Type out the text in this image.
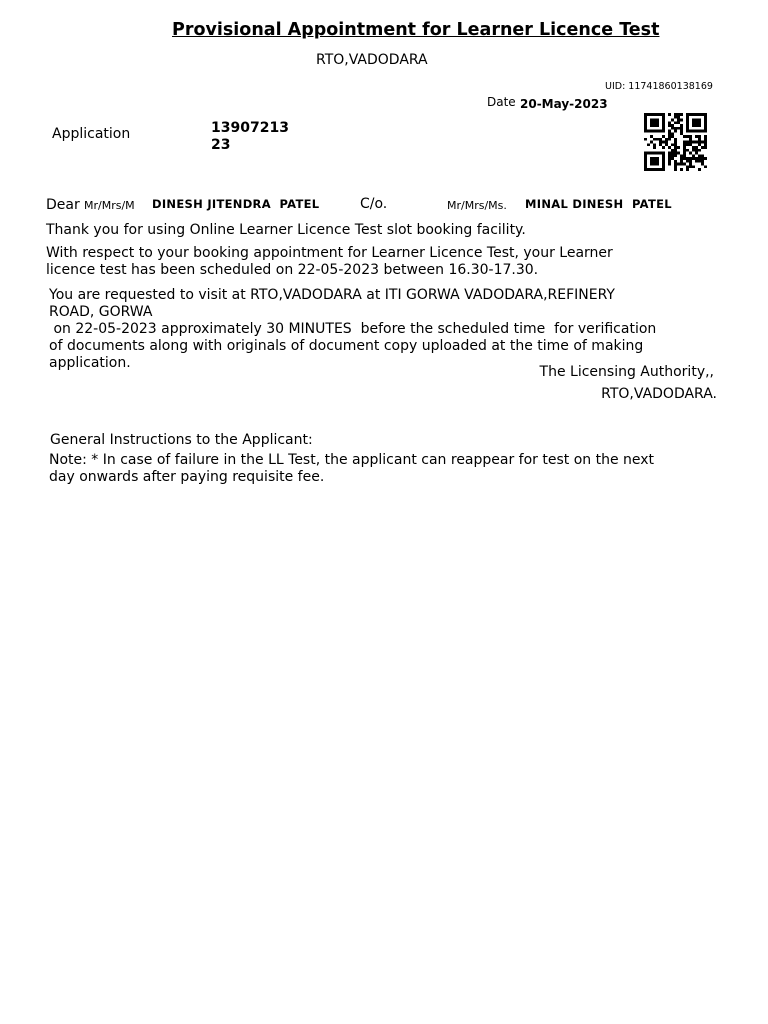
Provisional Appointment for Learner Licence Test
RTO,VADODARA
UID: 11741860138169
Date 20-May-2023
Application	13907213
23
Dear Mr/Mrs/M DINESH JITENDRA  PATEL	C/o.	Mr/Mrs/Ms. MINAL DINESH  PATEL
Thank you for using Online Learner Licence Test slot booking facility.
With respect to your booking appointment for Learner Licence Test, your Learner
licence test has been scheduled on 22-05-2023 between 16.30-17.30.
You are requested to visit at RTO,VADODARA at ITI GORWA VADODARA,REFINERY
ROAD, GORWA
on 22-05-2023 approximately 30 MINUTES  before the scheduled time  for verification
of documents along with originals of document copy uploaded at the time of making
application.
The Licensing Authority,,
RTO,VADODARA.
General Instructions to the Applicant:
Note: * In case of failure in the LL Test, the applicant can reappear for test on the next
day onwards after paying requisite fee.
